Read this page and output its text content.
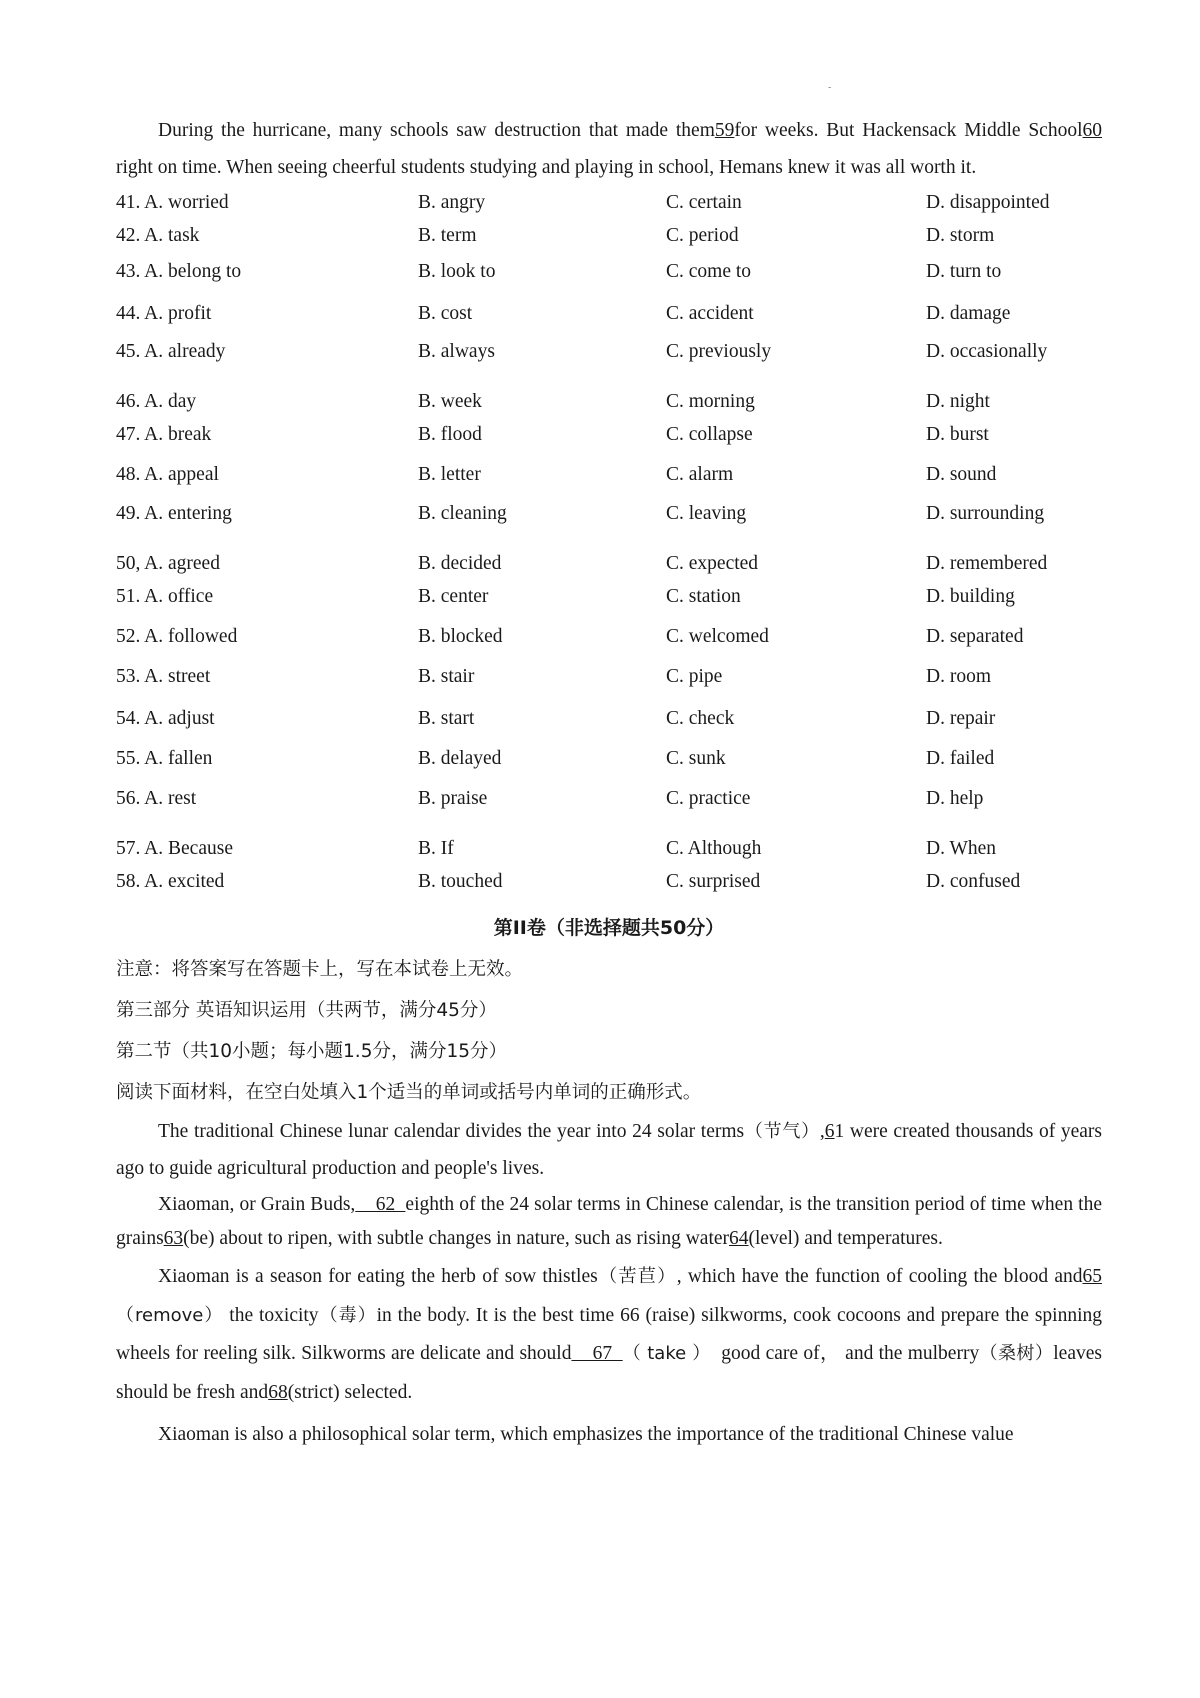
-

During the hurricane, many schools saw destruction that made them59for weeks. But Hackensack Middle School60 right on time. When seeing cheerful students studying and playing in school, Hemans knew it was all worth it.

41. A. worried	B. angry	C. certain	D. disappointed
42. A. task	B. term	C. period	D. storm
43. A. belong to	B. look to	C. come to	D. turn to
44. A. profit	B. cost	C. accident	D. damage
45. A. already	B. always	C. previously	D. occasionally
46. A. day	B. week	C. morning	D. night
47. A. break	B. flood	C. collapse	D. burst
48. A. appeal	B. letter	C. alarm	D. sound
49. A. entering	B. cleaning	C. leaving	D. surrounding
50, A. agreed	B. decided	C. expected	D. remembered
51. A. office	B. center	C. station	D. building
52. A. followed	B. blocked	C. welcomed	D. separated
53. A. street	B. stair	C. pipe	D. room
54. A. adjust	B. start	C. check	D. repair
55. A. fallen	B. delayed	C. sunk	D. failed
56. A. rest	B. praise	C. practice	D. help
57. A. Because	B. If	C. Although	D. When
58. A. excited	B. touched	C. surprised	D. confused
第II卷（非选择题共50分）

注意：将答案写在答题卡上，写在本试卷上无效。

第三部分 英语知识运用（共两节，满分45分）

第二节（共10小题；每小题1.5分，满分15分）

阅读下面材料，在空白处填入1个适当的单词或括号内单词的正确形式。

The traditional Chinese lunar calendar divides the year into 24 solar terms（节气）,61 were created thousands of years ago to guide agricultural production and people's lives.

Xiaoman, or Grain Buds,    62  eighth of the 24 solar terms in Chinese calendar, is the transition period of time when the grains63(be) about to ripen, with subtle changes in nature, such as rising water64(level) and temperatures.

Xiaoman is a season for eating the herb of sow thistles（苦苣）, which have the function of cooling the blood and65（remove） the toxicity（毒）in the body. It is the best time 66 (raise) silkworms, cook cocoons and prepare the spinning wheels for reeling silk. Silkworms are delicate and should    67  （ take ）  good care of， and the mulberry（桑树）leaves should be fresh and68(strict) selected.

Xiaoman is also a philosophical solar term, which emphasizes the importance of the traditional Chinese value
